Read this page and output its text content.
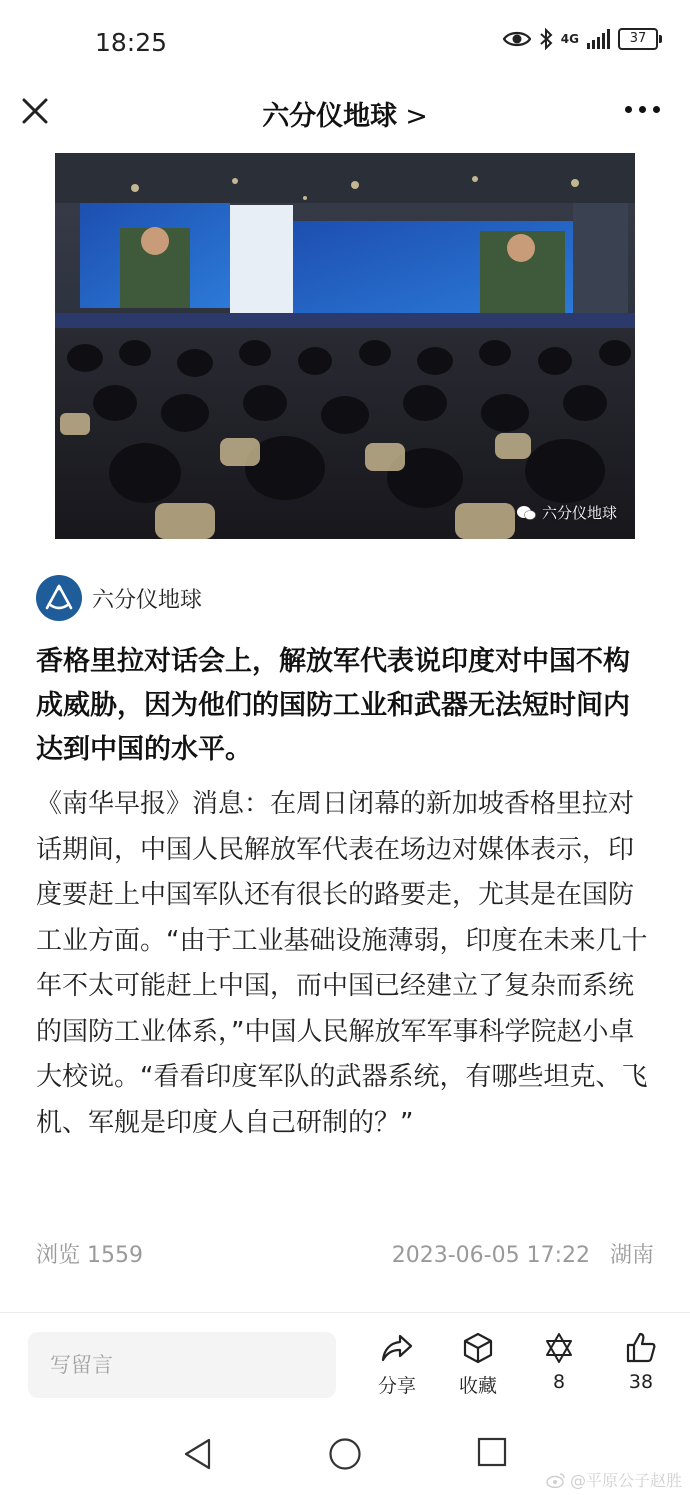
18:25	4G	37
六分仪地球 >
六分仪地球
六分仪地球
香格里拉对话会上，解放军代表说印度对中国不构成威胁，因为他们的国防工业和武器无法短时间内达到中国的水平。
《南华早报》消息：在周日闭幕的新加坡香格里拉对话期间，中国人民解放军代表在场边对媒体表示，印度要赶上中国军队还有很长的路要走，尤其是在国防工业方面。“由于工业基础设施薄弱，印度在未来几十年不太可能赶上中国，而中国已经建立了复杂而系统的国防工业体系，”中国人民解放军军事科学院赵小卓大校说。“看看印度军队的武器系统，有哪些坦克、飞机、军舰是印度人自己研制的？”
浏览 1559	2023-06-05 17:22 湖南
写留言
分享	收藏	8	38
@平原公子赵胜
